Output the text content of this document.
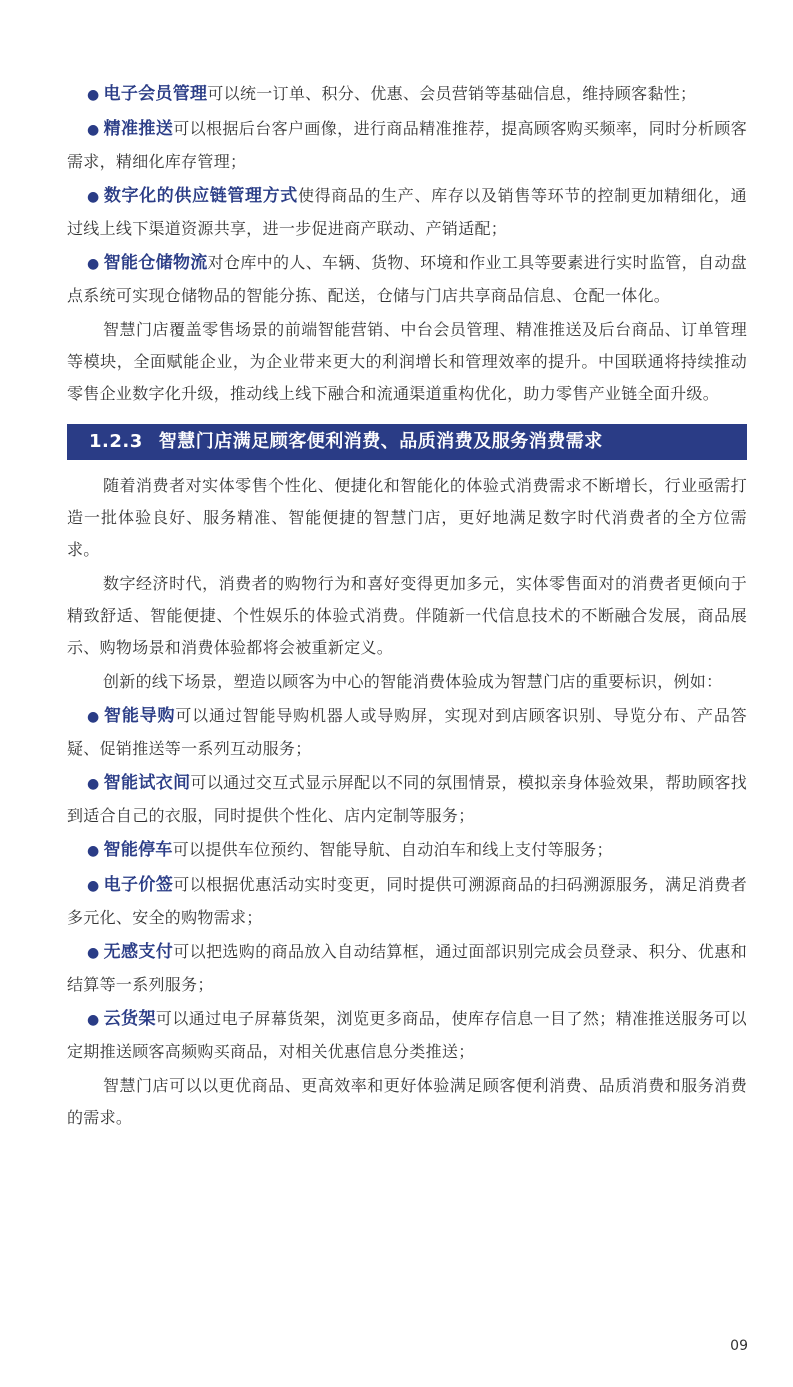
● 电子会员管理可以统一订单、积分、优惠、会员营销等基础信息，维持顾客黏性；

● 精准推送可以根据后台客户画像，进行商品精准推荐，提高顾客购买频率，同时分析顾客需求，精细化库存管理；

● 数字化的供应链管理方式使得商品的生产、库存以及销售等环节的控制更加精细化，通过线上线下渠道资源共享，进一步促进商产联动、产销适配；

● 智能仓储物流对仓库中的人、车辆、货物、环境和作业工具等要素进行实时监管，自动盘点系统可实现仓储物品的智能分拣、配送，仓储与门店共享商品信息、仓配一体化。

智慧门店覆盖零售场景的前端智能营销、中台会员管理、精准推送及后台商品、订单管理等模块，全面赋能企业，为企业带来更大的利润增长和管理效率的提升。中国联通将持续推动零售企业数字化升级，推动线上线下融合和流通渠道重构优化，助力零售产业链全面升级。

1.2.3 智慧门店满足顾客便利消费、品质消费及服务消费需求

随着消费者对实体零售个性化、便捷化和智能化的体验式消费需求不断增长，行业亟需打造一批体验良好、服务精准、智能便捷的智慧门店，更好地满足数字时代消费者的全方位需求。

数字经济时代，消费者的购物行为和喜好变得更加多元，实体零售面对的消费者更倾向于精致舒适、智能便捷、个性娱乐的体验式消费。伴随新一代信息技术的不断融合发展，商品展示、购物场景和消费体验都将会被重新定义。

创新的线下场景，塑造以顾客为中心的智能消费体验成为智慧门店的重要标识，例如：

● 智能导购可以通过智能导购机器人或导购屏，实现对到店顾客识别、导览分布、产品答疑、促销推送等一系列互动服务；

● 智能试衣间可以通过交互式显示屏配以不同的氛围情景，模拟亲身体验效果，帮助顾客找到适合自己的衣服，同时提供个性化、店内定制等服务；

● 智能停车可以提供车位预约、智能导航、自动泊车和线上支付等服务；

● 电子价签可以根据优惠活动实时变更，同时提供可溯源商品的扫码溯源服务，满足消费者多元化、安全的购物需求；

● 无感支付可以把选购的商品放入自动结算框，通过面部识别完成会员登录、积分、优惠和结算等一系列服务；

● 云货架可以通过电子屏幕货架，浏览更多商品，使库存信息一目了然；精准推送服务可以定期推送顾客高频购买商品，对相关优惠信息分类推送；

智慧门店可以以更优商品、更高效率和更好体验满足顾客便利消费、品质消费和服务消费的需求。

09
